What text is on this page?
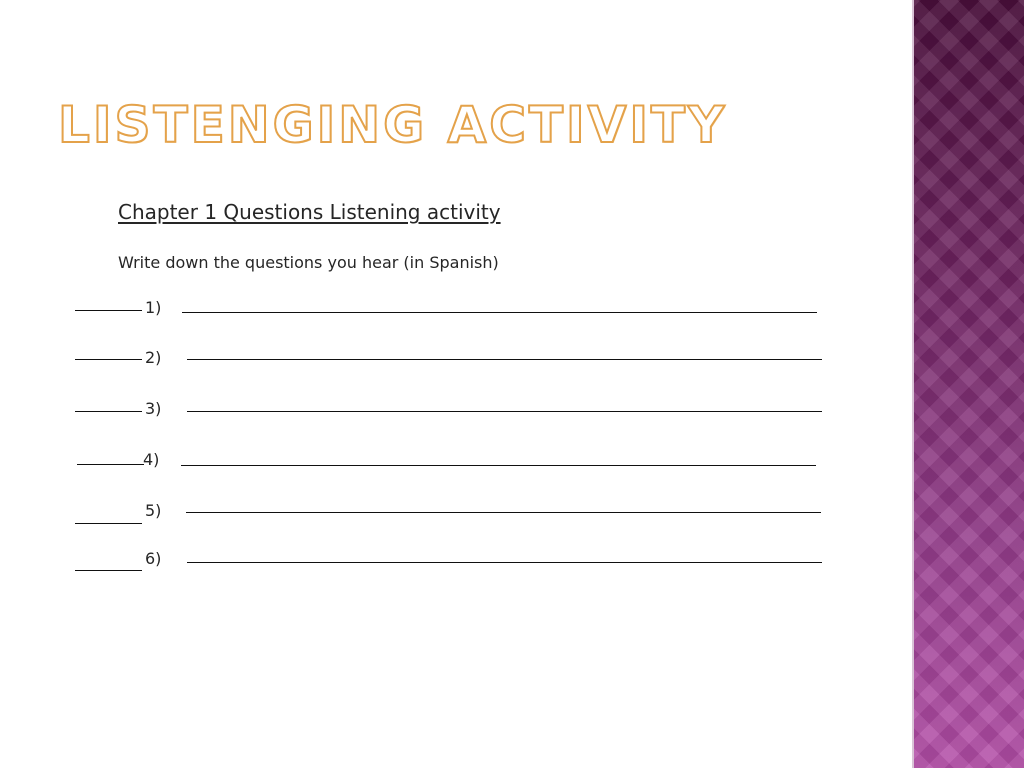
LISTENGING ACTIVITY
Chapter 1 Questions Listening activity
Write down the questions you hear (in Spanish)
1)
2)
3)
4)
5)
6)
